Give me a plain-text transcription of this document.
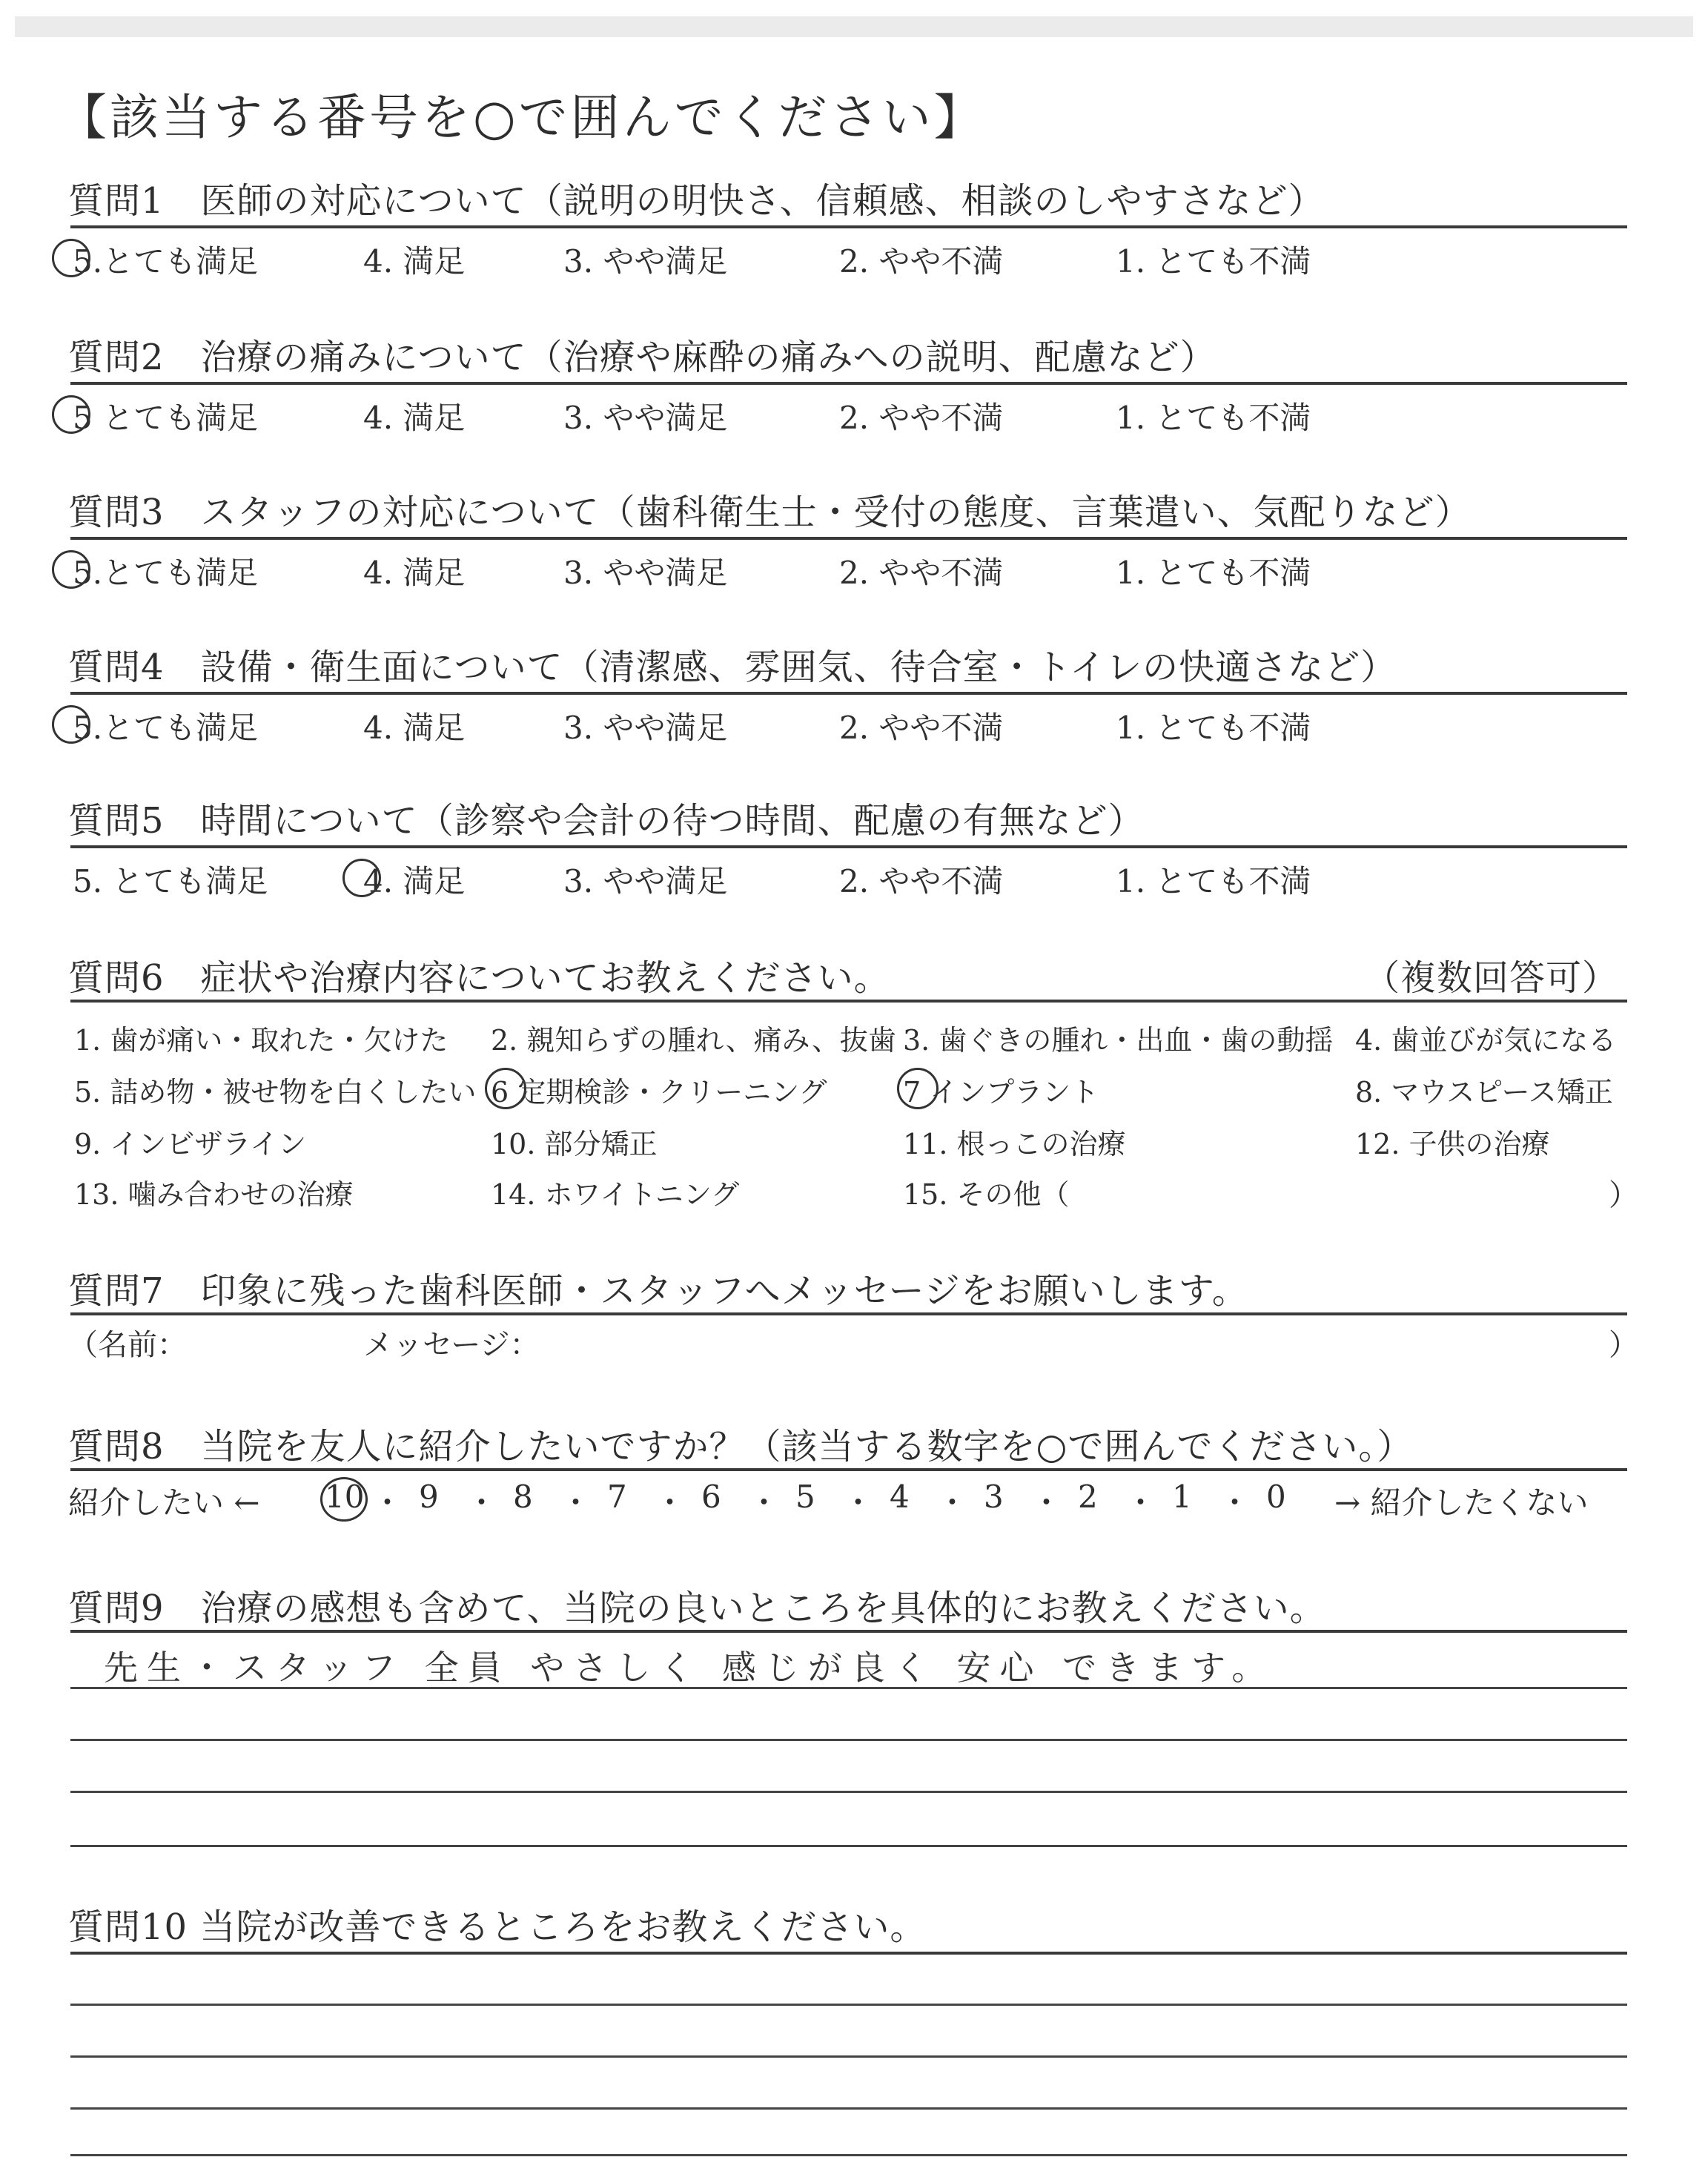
【該当する番号を○で囲んでください】
質問1　医師の対応について（説明の明快さ、信頼感、相談のしやすさなど）
5.とても満足	4. 満足	3. やや満足	2. やや不満	1. とても不満
質問2　治療の痛みについて（治療や麻酔の痛みへの説明、配慮など）
5 とても満足	4. 満足	3. やや満足	2. やや不満	1. とても不満
質問3　スタッフの対応について（歯科衛生士・受付の態度、言葉遣い、気配りなど）
5.とても満足	4. 満足	3. やや満足	2. やや不満	1. とても不満
質問4　設備・衛生面について（清潔感、雰囲気、待合室・トイレの快適さなど）
5.とても満足	4. 満足	3. やや満足	2. やや不満	1. とても不満
質問5　時間について（診察や会計の待つ時間、配慮の有無など）
5. とても満足	4. 満足	3. やや満足	2. やや不満	1. とても不満
質問6　症状や治療内容についてお教えください。	（複数回答可）
1. 歯が痛い・取れた・欠けた 2. 親知らずの腫れ、痛み、抜歯 3. 歯ぐきの腫れ・出血・歯の動揺 4. 歯並びが気になる
5. 詰め物・被せ物を白くしたい 6 定期検診・クリーニング	7 インプラント	8. マウスピース矯正
9. インビザライン	10. 部分矯正	11. 根っこの治療	12. 子供の治療
13. 噛み合わせの治療	14. ホワイトニング	15. その他（	）
質問7　印象に残った歯科医師・スタッフへメッセージをお願いします。
（名前：	メッセージ：	）
質問8　当院を友人に紹介したいですか？（該当する数字を○で囲んでください。）
紹介したい ← 10 ・ 9 ・ 8 ・ 7 ・ 6 ・ 5 ・ 4 ・ 3 ・ 2 ・ 1 ・ 0 → 紹介したくない
質問9　治療の感想も含めて、当院の良いところを具体的にお教えください。
先生・スタッフ 全員 やさしく 感じが良く 安心 できます。
質問10 当院が改善できるところをお教えください。
